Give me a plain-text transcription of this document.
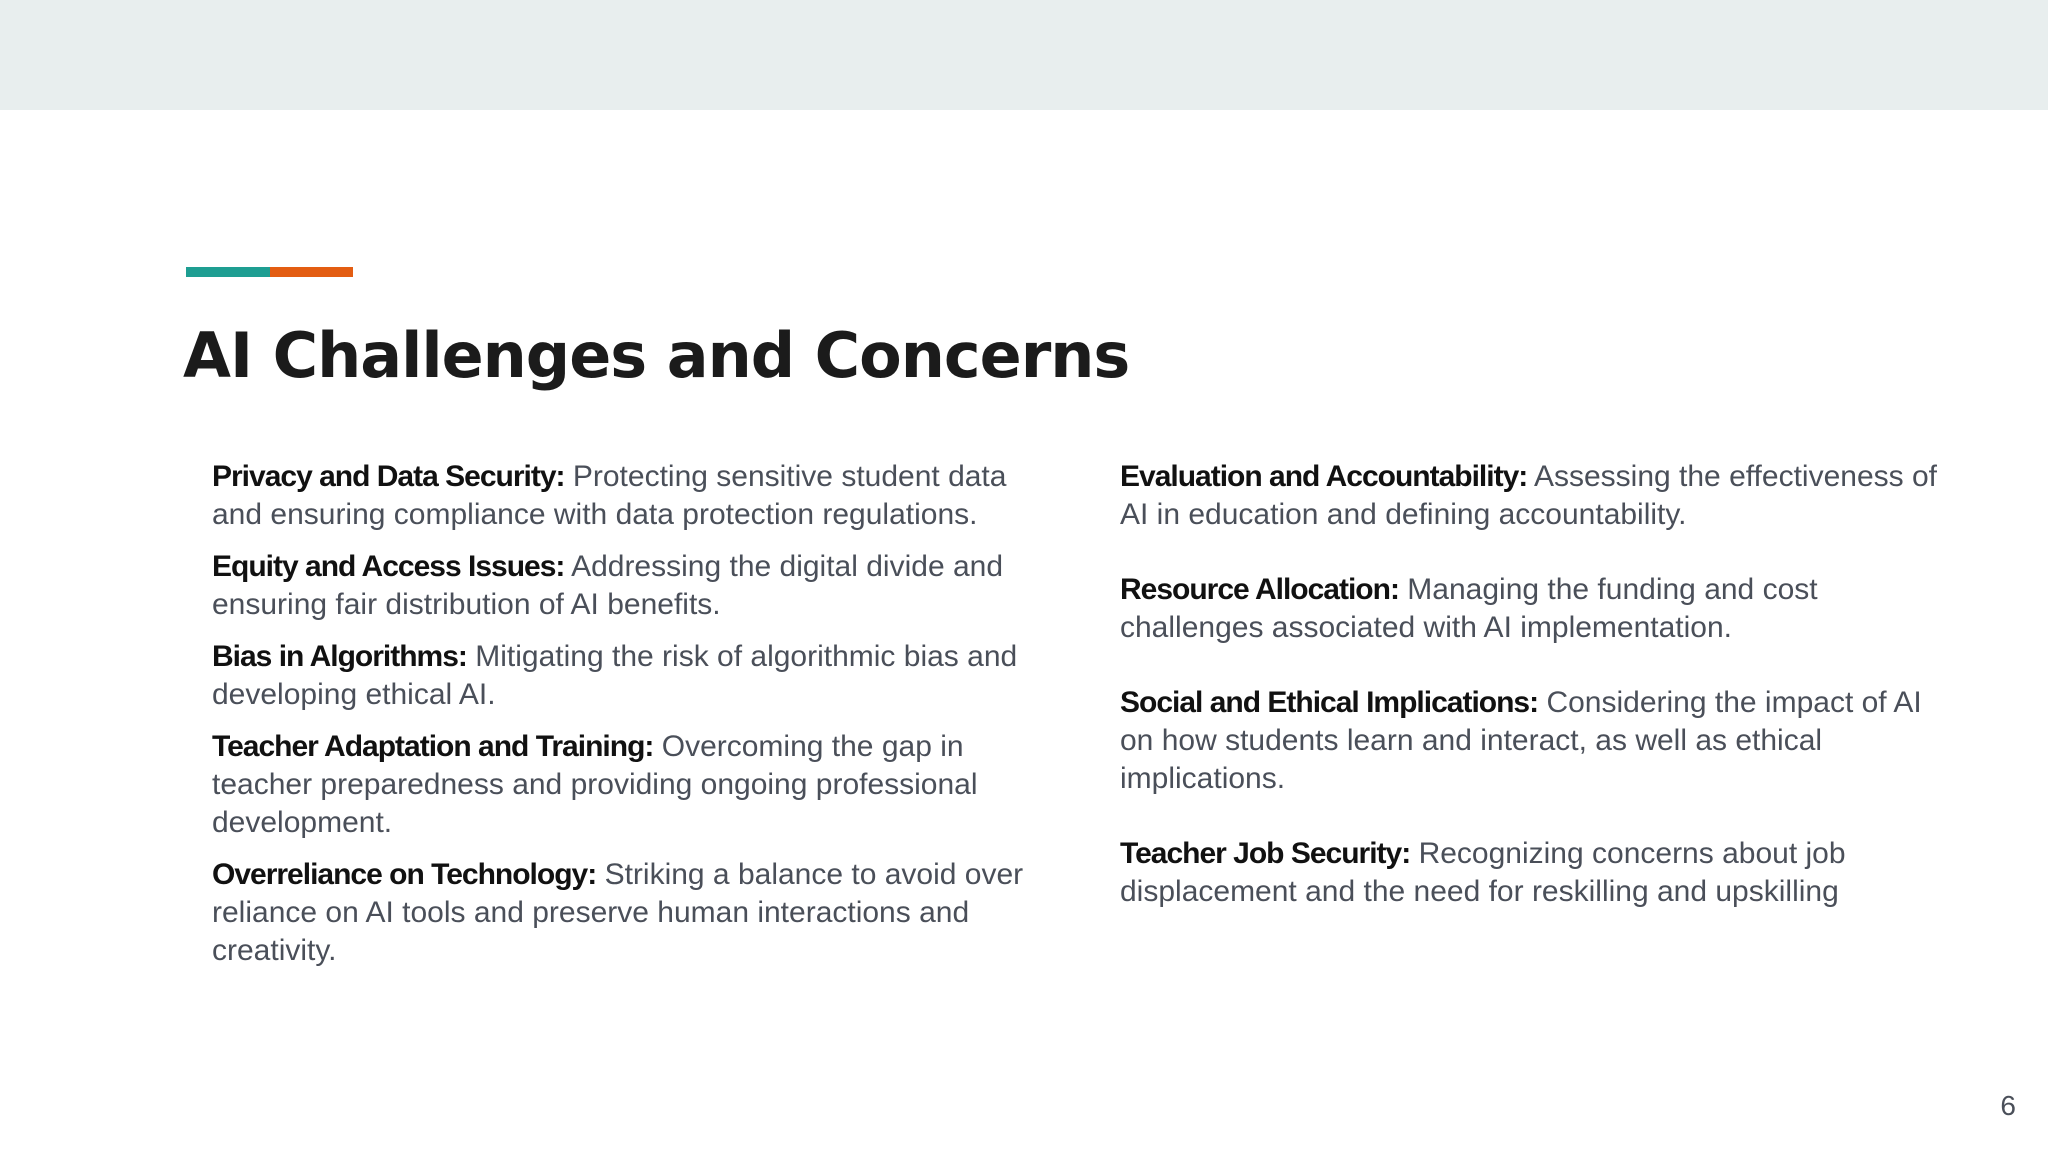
AI Challenges and Concerns

Privacy and Data Security: Protecting sensitive student data and ensuring compliance with data protection regulations.

Equity and Access Issues: Addressing the digital divide and ensuring fair distribution of AI benefits.

Bias in Algorithms: Mitigating the risk of algorithmic bias and developing ethical AI.

Teacher Adaptation and Training: Overcoming the gap in teacher preparedness and providing ongoing professional development.

Overreliance on Technology: Striking a balance to avoid over reliance on AI tools and preserve human interactions and creativity.

Evaluation and Accountability: Assessing the effectiveness of AI in education and defining accountability.

Resource Allocation: Managing the funding and cost challenges associated with AI implementation.

Social and Ethical Implications: Considering the impact of AI on how students learn and interact, as well as ethical implications.

Teacher Job Security: Recognizing concerns about job displacement and the need for reskilling and upskilling

6
